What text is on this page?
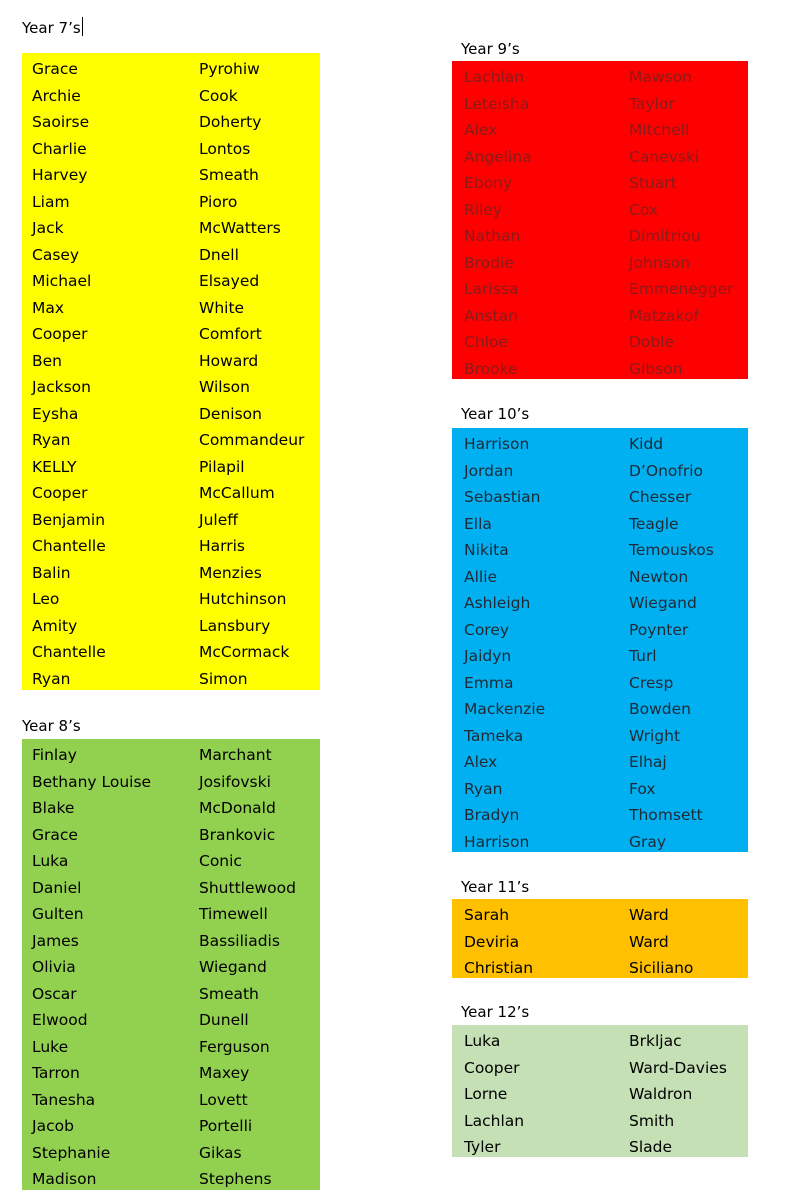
Year 7’s
Year 8’s
Year 9’s
Year 10’s
Year 11’s
Year 12’s
Grace	Pyrohiw
Archie	Cook
Saoirse	Doherty
Charlie	Lontos
Harvey	Smeath
Liam	Pioro
Jack	McWatters
Casey	Dnell
Michael	Elsayed
Max	White
Cooper	Comfort
Ben	Howard
Jackson	Wilson
Eysha	Denison
Ryan	Commandeur
KELLY	Pilapil
Cooper	McCallum
Benjamin	Juleff
Chantelle	Harris
Balin	Menzies
Leo	Hutchinson
Amity	Lansbury
Chantelle	McCormack
Ryan	Simon
Finlay	Marchant
Bethany Louise	Josifovski
Blake	McDonald
Grace	Brankovic
Luka	Conic
Daniel	Shuttlewood
Gulten	Timewell
James	Bassiliadis
Olivia	Wiegand
Oscar	Smeath
Elwood	Dunell
Luke	Ferguson
Tarron	Maxey
Tanesha	Lovett
Jacob	Portelli
Stephanie	Gikas
Madison	Stephens
Lachlan	Mawson
Leteisha	Taylor
Alex	Mitchell
Angelina	Canevski
Ebony	Stuart
Riley	Cox
Nathan	Dimitriou
Brodie	Johnson
Larissa	Emmenegger
Anstan	Matzakof
Chloe	Doble
Brooke	Gibson
Harrison	Kidd
Jordan	D’Onofrio
Sebastian	Chesser
Ella	Teagle
Nikita	Temouskos
Allie	Newton
Ashleigh	Wiegand
Corey	Poynter
Jaidyn	Turl
Emma	Cresp
Mackenzie	Bowden
Tameka	Wright
Alex	Elhaj
Ryan	Fox
Bradyn	Thomsett
Harrison	Gray
Sarah	Ward
Deviria	Ward
Christian	Siciliano
Luka	Brkljac
Cooper	Ward-Davies
Lorne	Waldron
Lachlan	Smith
Tyler	Slade
